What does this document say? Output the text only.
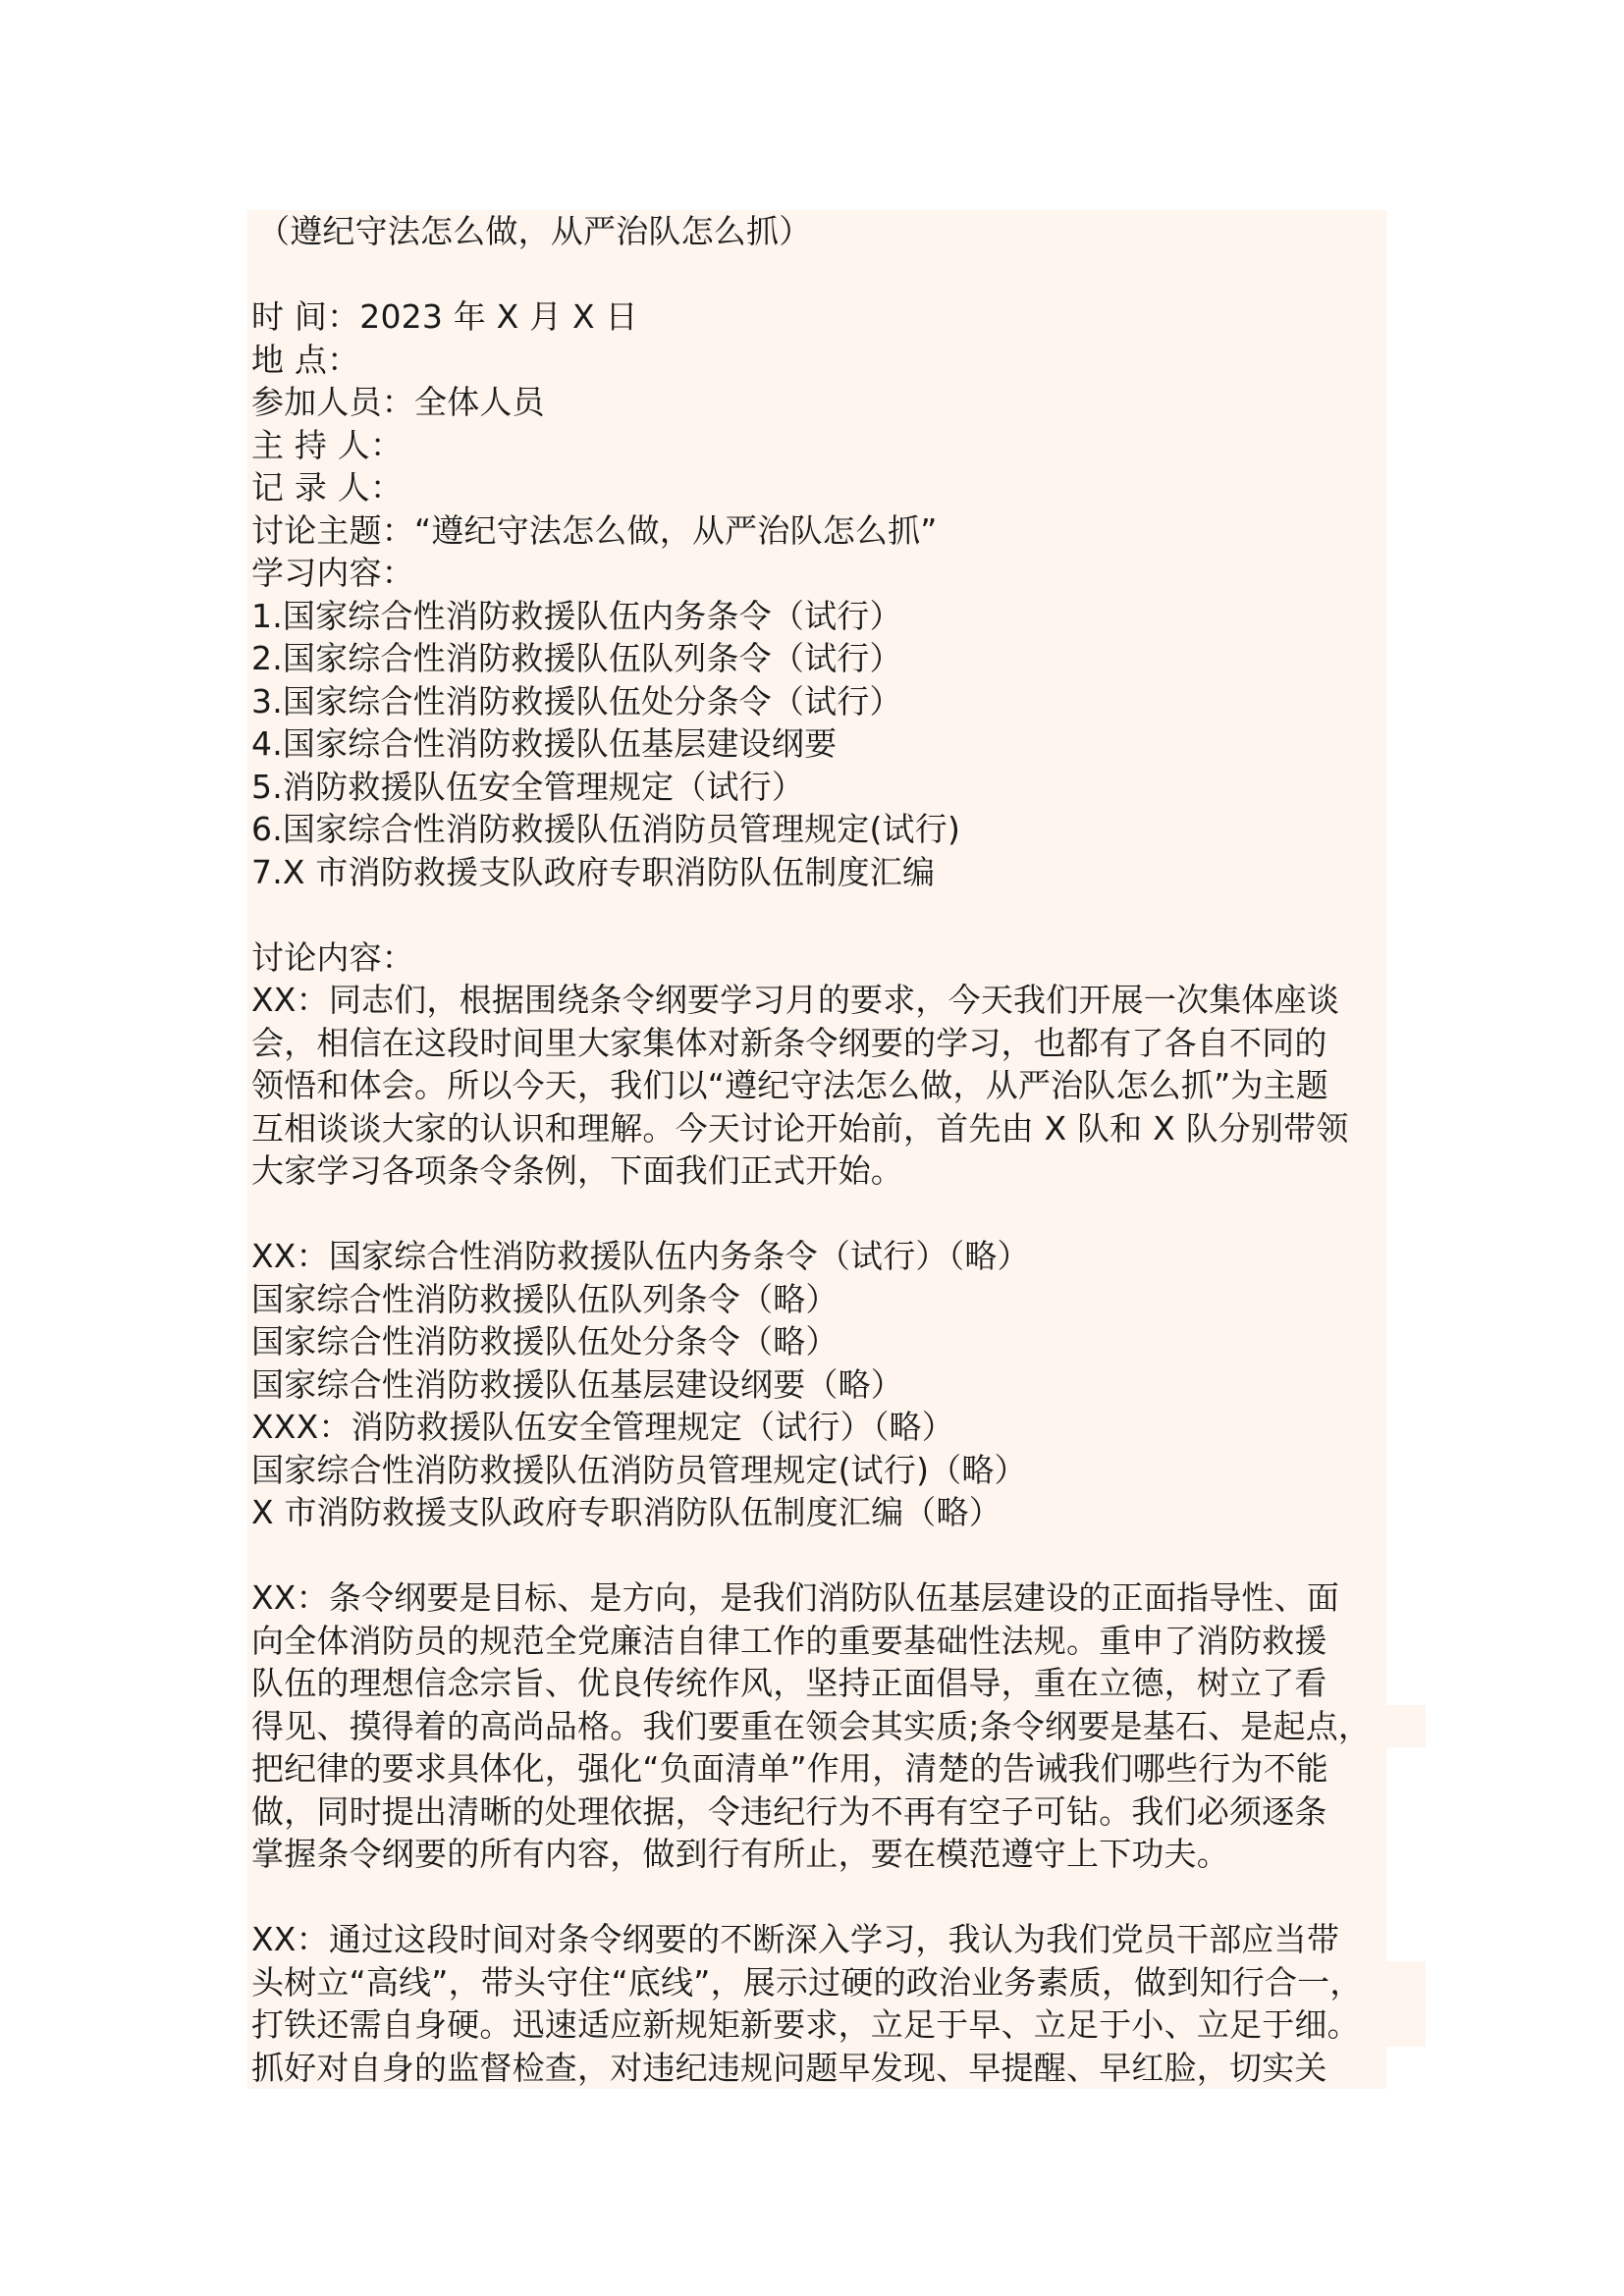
（遵纪守法怎么做，从严治队怎么抓）
时 间：2023 年 X 月 X 日
地 点：
参加人员：全体人员
主 持 人：
记 录 人：
讨论主题：“遵纪守法怎么做，从严治队怎么抓”
学习内容：
1.国家综合性消防救援队伍内务条令（试行）
2.国家综合性消防救援队伍队列条令（试行）
3.国家综合性消防救援队伍处分条令（试行）
4.国家综合性消防救援队伍基层建设纲要
5.消防救援队伍安全管理规定（试行）
6.国家综合性消防救援队伍消防员管理规定(试行)
7.X 市消防救援支队政府专职消防队伍制度汇编
讨论内容：
XX：同志们，根据围绕条令纲要学习月的要求，今天我们开展一次集体座谈
会，相信在这段时间里大家集体对新条令纲要的学习，也都有了各自不同的
领悟和体会。所以今天，我们以“遵纪守法怎么做，从严治队怎么抓”为主题
互相谈谈大家的认识和理解。今天讨论开始前，首先由 X 队和 X 队分别带领
大家学习各项条令条例，下面我们正式开始。
XX：国家综合性消防救援队伍内务条令（试行）（略）
国家综合性消防救援队伍队列条令（略）
国家综合性消防救援队伍处分条令（略）
国家综合性消防救援队伍基层建设纲要（略）
XXX：消防救援队伍安全管理规定（试行）（略）
国家综合性消防救援队伍消防员管理规定(试行)（略）
X 市消防救援支队政府专职消防队伍制度汇编（略）
XX：条令纲要是目标、是方向，是我们消防队伍基层建设的正面指导性、面
向全体消防员的规范全党廉洁自律工作的重要基础性法规。重申了消防救援
队伍的理想信念宗旨、优良传统作风，坚持正面倡导，重在立德，树立了看
得见、摸得着的高尚品格。我们要重在领会其实质;条令纲要是基石、是起点，
把纪律的要求具体化，强化“负面清单”作用，清楚的告诫我们哪些行为不能
做，同时提出清晰的处理依据，令违纪行为不再有空子可钻。我们必须逐条
掌握条令纲要的所有内容，做到行有所止，要在模范遵守上下功夫。
XX：通过这段时间对条令纲要的不断深入学习，我认为我们党员干部应当带
头树立“高线”，带头守住“底线”，展示过硬的政治业务素质，做到知行合一，
打铁还需自身硬。迅速适应新规矩新要求，立足于早、立足于小、立足于细。
抓好对自身的监督检查，对违纪违规问题早发现、早提醒、早红脸，切实关
